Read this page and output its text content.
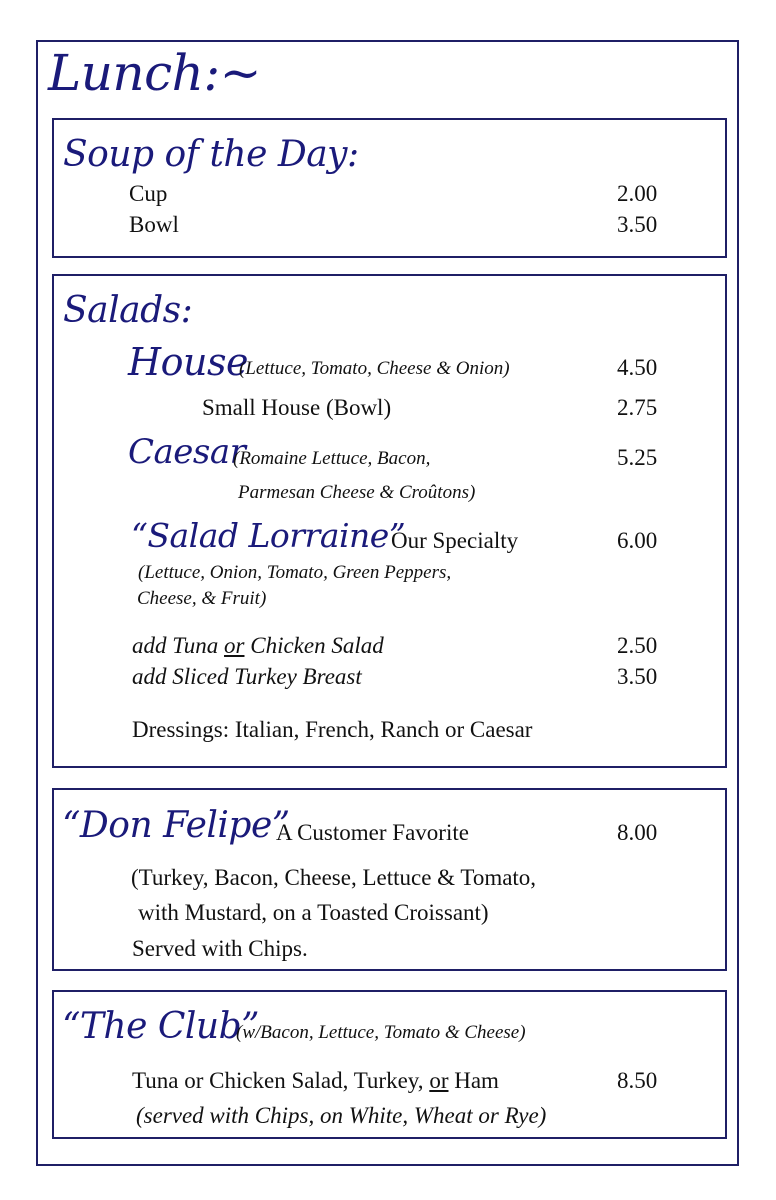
Lunch:~
Soup of the Day:
Cup	2.00
Bowl	3.50
Salads:
House
(Lettuce, Tomato, Cheese & Onion)	4.50
Small House (Bowl)	2.75
Caesar
(Romaine Lettuce, Bacon,	5.25
Parmesan Cheese & Croûtons)
“Salad Lorraine”
Our Specialty	6.00
(Lettuce, Onion, Tomato, Green Peppers,
Cheese, & Fruit)
add Tuna or Chicken Salad	2.50
add Sliced Turkey Breast	3.50
Dressings: Italian, French, Ranch or Caesar
“Don Felipe”
A Customer Favorite	8.00
(Turkey, Bacon, Cheese, Lettuce & Tomato,
with Mustard, on a Toasted Croissant)
Served with Chips.
“The Club”
(w/Bacon, Lettuce, Tomato & Cheese)
Tuna or Chicken Salad, Turkey, or Ham	8.50
(served with Chips, on White, Wheat or Rye)
